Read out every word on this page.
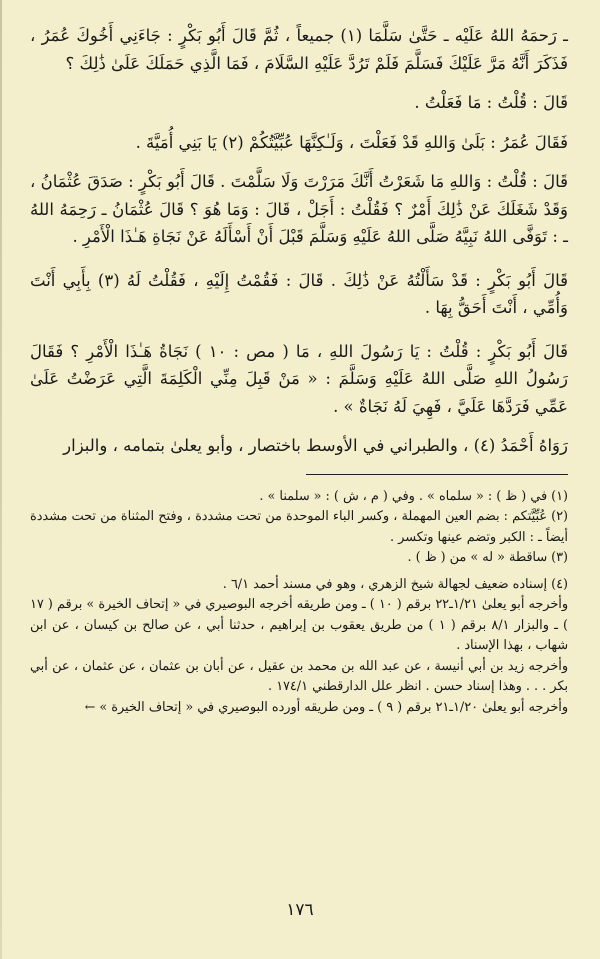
ـ رَحمَهُ اللهُ عَلَيْه ـ حَتَّىٰ سَلَّمَا (١) جميعاً ، ثُمَّ قَالَ أَبُو بَكْرٍ : جَاءَنِي أَخُوكَ عُمَرُ ، فَذَكَرَ أَنَّهُ مَرَّ عَلَيْكَ فَسَلَّمَ فَلَمْ تَرُدَّ عَلَيْهِ السَّلَامَ ، فَمَا الَّذِي حَمَلَكَ عَلَىٰ ذَٰلِكَ ؟

قَالَ : قُلْتُ : مَا فَعَلْتُ .

فَقَالَ عُمَرُ : بَلَىٰ وَاللهِ قَدْ فَعَلْتَ ، وَلَـٰكِنَّهَا عُبِّيَّتُكُمْ (٢) يَا بَنِي أُمَيَّةَ .

قَالَ : قُلْتُ : وَاللهِ مَا شَعَرْتُ أَنَّكَ مَرَرْتَ وَلَا سَلَّمْتَ . قَالَ أَبُو بَكْرٍ : صَدَقَ عُثْمَانُ ، وَقَدْ شَغَلَكَ عَنْ ذَٰلِكَ أَمْرٌ ؟ فَقُلْتُ : أَجَلْ ، قَالَ : وَمَا هُوَ ؟ قَالَ عُثْمَانُ ـ رَحِمَهُ اللهُ ـ : تَوَفَّى اللهُ نَبِيَّهُ صَلَّى اللهُ عَلَيْهِ وَسَلَّمَ قَبْلَ أَنْ أَسْأَلَهُ عَنْ نَجَاةِ هَـٰذَا الْأَمْرِ .

قَالَ أَبُو بَكْرٍ : قَدْ سَأَلْتُهُ عَنْ ذَٰلِكَ . قَالَ : فَقُمْتُ إِلَيْهِ ، فَقُلْتُ لَهُ (٣) بِأَبِي أَنْتَ وَأُمِّي ، أَنْتَ أَحَقُّ بِهَا .

قَالَ أَبُو بَكْرٍ : قُلْتُ : يَا رَسُولَ اللهِ ، مَا ( مص : ١٠ ) نَجَاةُ هَـٰذَا الْأَمْرِ ؟ فَقَالَ رَسُولُ اللهِ صَلَّى اللهُ عَلَيْهِ وَسَلَّمَ : « مَنْ قَبِلَ مِنِّي الْكَلِمَةَ الَّتِي عَرَضْتُ عَلَىٰ عَمِّي فَرَدَّهَا عَلَيَّ ، فَهِيَ لَهُ نَجَاةٌ » .

رَوَاهُ أَحْمَدُ (٤) ، والطبراني في الأوسط باختصار ، وأبو يعلىٰ بتمامه ، والبزار

(١) في ( ظ ) : « سلماه » . وفي ( م ، ش ) : « سلمنا » .

(٢) عُبِّيَّتكم : بضم العين المهملة ، وكسر الباء الموحدة من تحت مشددة ، وفتح المثناة من تحت مشددة أيضاً ـ : الكبر وتضم عينها وتكسر .

(٣) ساقطة « له » من ( ظ ) .

(٤) إسناده ضعيف لجهالة شيخ الزهري ، وهو في مسند أحمد ٦/١ .

وأخرجه أبو يعلىٰ ١/٢١ـ٢٢ برقم ( ١٠ ) ـ ومن طريقه أخرجه البوصيري في « إتحاف الخيرة » برقم ( ١٧ ) ـ والبزار ٨/١ برقم ( ١ ) من طريق يعقوب بن إبراهيم ، حدثنا أبي ، عن صالح بن كيسان ، عن ابن شهاب ، بهذا الإسناد .

وأخرجه زيد بن أبي أنيسة ، عن عبد الله بن محمد بن عقيل ، عن أبان بن عثمان ، عن عثمان ، عن أبي بكر . . . وهذا إسناد حسن . انظر علل الدارقطني ١٧٤/١ .

وأخرجه أبو يعلىٰ ١/٢٠ـ٢١ برقم ( ٩ ) ـ ومن طريقه أورده البوصيري في « إتحاف الخيرة » ←

١٧٦
